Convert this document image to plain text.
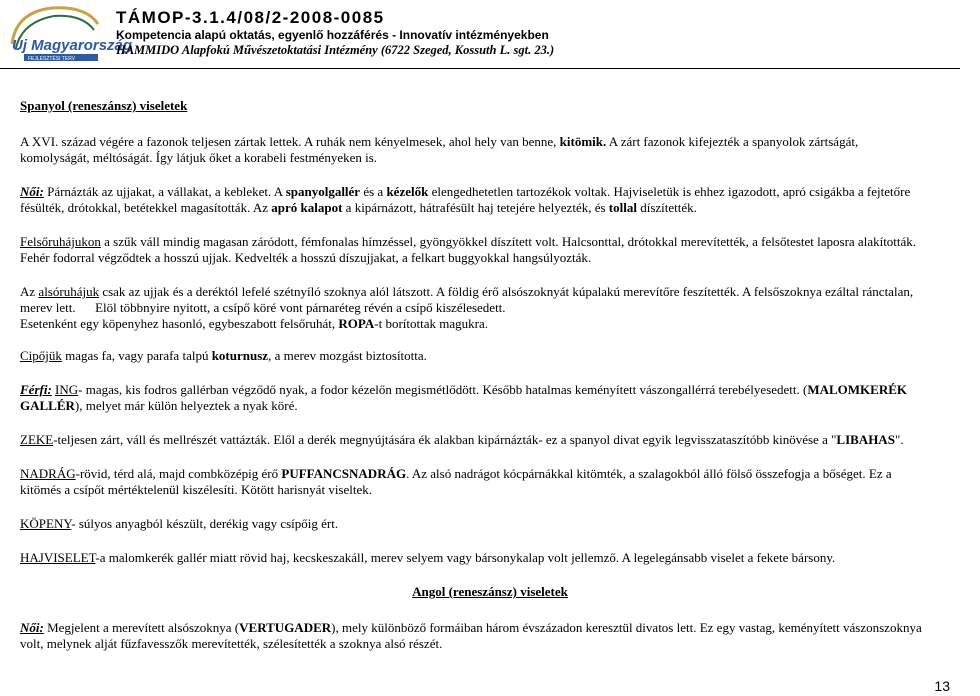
Új Magyarország
FEJLESZTÉSI TERV
TÁMOP-3.1.4/08/2-2008-0085
Kompetencia alapú oktatás, egyenlő hozzáférés - Innovatív intézményekben
HAMMIDO Alapfokú Művészetoktatási Intézmény (6722 Szeged, Kossuth L. sgt. 23.)
Spanyol (reneszánsz) viseletek
A XVI. század végére a fazonok teljesen zártak lettek. A ruhák nem kényelmesek, ahol hely van benne, kitömik. A zárt fazonok kifejezték a spanyolok zártságát,
komolyságát, méltóságát. Így látjuk őket a korabeli festményeken is.
Női: Párnázták az ujjakat, a vállakat, a kebleket. A spanyolgallér és a kézelők elengedhetetlen tartozékok voltak. Hajviseletük is ehhez igazodott, apró csigákba a fejtetőre
fésülték, drótokkal, betétekkel magasították. Az apró kalapot a kipárnázott, hátrafésült haj tetejére helyezték, és tollal díszítették.
Felsőruhájukon a szűk váll mindig magasan záródott, fémfonalas hímzéssel, gyöngyökkel díszített volt. Halcsonttal, drótokkal merevítették, a felsőtestet laposra alakították.
Fehér fodorral végződtek a hosszú ujjak. Kedvelték a hosszú díszujjakat, a felkart buggyokkal hangsúlyozták.
Az alsóruhájuk csak az ujjak és a deréktól lefelé szétnyíló szoknya alól látszott. A földig érő alsószoknyát kúpalakú merevítőre feszítették. A felsőszoknya ezáltal ránctalan,
merev lett.      Elöl többnyire nyitott, a csípő köré vont párnaréteg révén a csípő kiszélesedett.
Esetenként egy köpenyhez hasonló, egybeszabott felsőruhát, ROPA-t borítottak magukra.
Cipőjük magas fa, vagy parafa talpú koturnusz, a merev mozgást biztosította.
Férfi: ING- magas, kis fodros gallérban végződő nyak, a fodor kézelőn megismétlődött. Később hatalmas keményített vászongallérrá terebélyesedett. (MALOMKERÉK
GALLÉR), melyet már külön helyeztek a nyak köré.
ZEKE-teljesen zárt, váll és mellrészét vattázták. Elől a derék megnyújtására ék alakban kipárnázták- ez a spanyol divat egyik legvisszataszítóbb kinövése a "LIBAHAS".
NADRÁG-rövid, térd alá, majd combközépig érő PUFFANCSNADRÁG. Az alsó nadrágot kócpárnákkal kitömték, a szalagokból álló fölső összefogja a bőséget. Ez a
kitömés a csípőt mértéktelenül kiszélesíti. Kötött harisnyát viseltek.
KÖPENY- súlyos anyagból készült, derékig vagy csípőig ért.
HAJVISELET-a malomkerék gallér miatt rövid haj, kecskeszakáll, merev selyem vagy bársonykalap volt jellemző. A legelegánsabb viselet a fekete bársony.
Angol (reneszánsz) viseletek
Női: Megjelent a merevített alsószoknya (VERTUGADER), mely különböző formáiban három évszázadon keresztül divatos lett. Ez egy vastag, keményített vászonszoknya
volt, melynek alját fűzfavesszők merevítették, szélesítették a szoknya alsó részét.
13
